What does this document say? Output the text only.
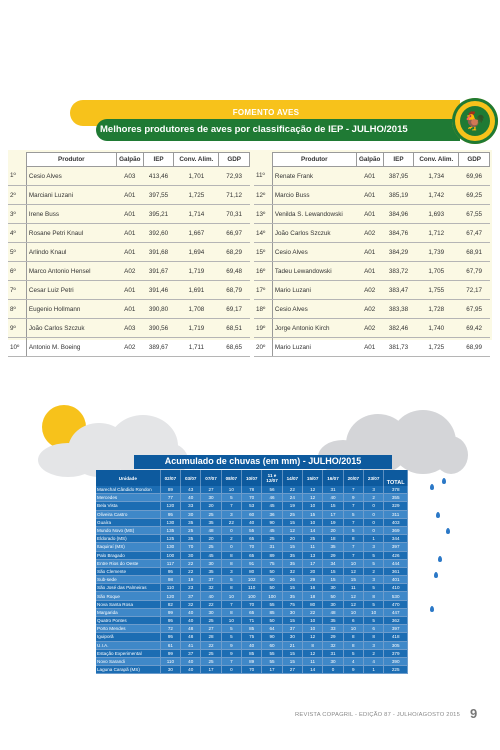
FOMENTO AVES
Melhores produtores de aves por classificação de IEP - JULHO/2015	🐓
	Produtor	Galpão	IEP	Conv. Alim.	GDP
1º	Cesio Alves	A03	413,46	1,701	72,93
2º	Marciani Luzani	A01	397,55	1,725	71,12
3º	Irene Buss	A01	395,21	1,714	70,31
4º	Rosane Petri Knaul	A01	392,60	1,667	66,97
5º	Arlindo Knaul	A01	391,68	1,694	68,29
6º	Marco Antonio Hensel	A02	391,67	1,719	69,48
7º	Cesar Luiz Petri	A01	391,46	1,691	68,79
8º	Eugenio Hollmann	A01	390,80	1,708	69,17
9º	João Carlos Szczuk	A03	390,56	1,719	68,51
10º	Antonio M. Boeing	A02	389,67	1,711	68,65
	Produtor	Galpão	IEP	Conv. Alim.	GDP
11º	Renate Frank	A01	387,95	1,734	69,96
12º	Marcio Buss	A01	385,19	1,742	69,25
13º	Venilda S. Lewandowski	A01	384,96	1,693	67,55
14º	João Carlos Szczuk	A02	384,76	1,712	67,47
15º	Cesio Alves	A01	384,29	1,739	68,91
16º	Tadeu Lewandowski	A01	383,72	1,705	67,79
17º	Mario Luzani	A02	383,47	1,755	72,17
18º	Cesio Alves	A02	383,38	1,728	67,95
19º	Jorge Antonio Kirch	A02	382,46	1,740	69,42
20º	Mario Luzani	A01	381,73	1,725	68,99
Acumulado de chuvas (em mm) - JULHO/2015
Unidade	02/07	03/07	07/07	08/07	10/07	11 e 12/07	14/07	15/07	16/07	20/07	23/07	TOTAL
Marechal Cândido Rondon	89	43	27	10	78	56	22	12	31	7	3	378
Mercedes	77	40	30	5	70	46	24	12	40	9	2	355
Bela Vista	120	33	20	7	53	45	19	10	15	7	0	329
Oliveira Castro	95	30	25	3	60	36	25	15	17	5	0	311
Guaíra	130	35	35	22	40	90	15	10	19	7	0	403
Mundo Novo (MS)	135	25	48	0	55	45	12	14	20	5	0	369
Eldorado (MS)	125	35	20	2	65	25	20	25	18	8	1	344
Itaquiraí (MS)	130	70	25	0	70	31	15	11	35	7	3	397
Palo Bragado	100	30	45	8	65	89	35	13	29	7	5	426
Entre Rios do Oeste	117	22	30	8	91	75	35	17	34	10	5	444
São Clemente	95	22	35	3	80	50	32	20	15	12	2	361
Sub-sede	98	19	37	5	102	50	26	29	15	15	3	401
São José das Palmeiras	110	23	32	8	110	50	15	16	30	11	5	410
São Roque	120	37	40	10	100	100	35	18	50	12	8	530
Nova Santa Rosa	82	32	22	7	70	55	75	80	30	12	5	470
Margarida	99	40	30	8	65	85	30	22	48	10	10	447
Quatro Pontes	95	40	25	10	71	50	15	10	35	6	5	362
Porto Mendes	72	48	27	5	85	64	37	10	33	10	6	397
Iguiporã	95	48	28	5	75	90	30	12	29	8	8	418
U.I.A.	61	41	22	9	40	60	21	8	32	8	3	305
Estação Experimental	99	37	25	9	85	55	15	12	31	5	2	379
Novo Sarandi	110	40	25	7	89	55	15	11	30	4	4	390
Laguna Carapã (MS)	30	40	17	0	70	17	27	14	0	9	1	225
REVISTA COPAGRIL - EDIÇÃO 87 - JULHO/AGOSTO 2015 9
